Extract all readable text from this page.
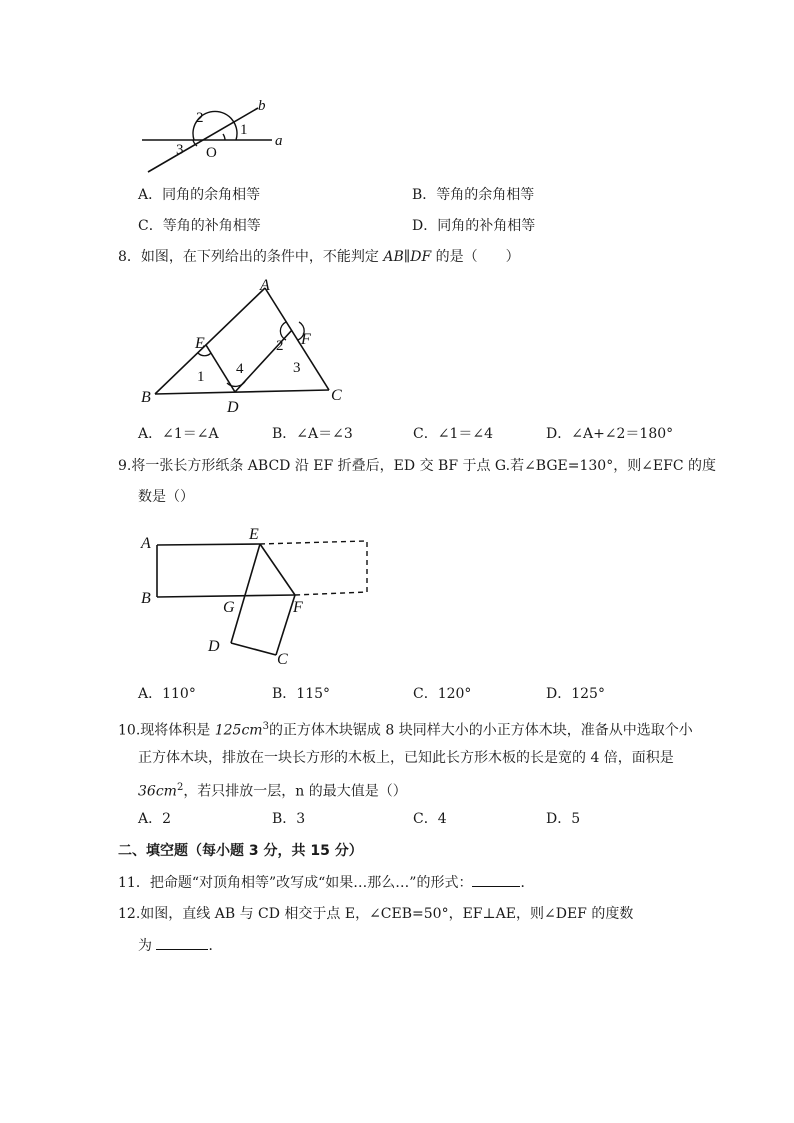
2
1
3 O
a
b
A．同角的余角相等	B．等角的余角相等
C．等角的补角相等	D．同角的补角相等
8．如图，在下列给出的条件中，不能判定 AB∥DF 的是（　　）
A
B	C
D
E	F
1
2
3
4
A．∠1＝∠A	B．∠A＝∠3	C．∠1＝∠4	D．∠A+∠2＝180°
9.将一张长方形纸条 ABCD 沿 EF 折叠后，ED 交 BF 于点 G.若∠BGE=130°，则∠EFC 的度
数是（）
A
B
E
G	F
D
C
A．110°	B．115°	C．120°	D．125°
10.现将体积是 $125cm^3$的正方体木块锯成 8 块同样大小的小正方体木块，准备从中选取个小
正方体木块，排放在一块长方形的木板上，已知此长方形木板的长是宽的 4 倍，面积是
$36cm^2$，若只排放一层，n 的最大值是（）
A．2	B．3	C．4	D．5
二、填空题（每小题 3 分，共 15 分）
11．把命题“对顶角相等”改写成“如果…那么…”的形式：	．
12.如图，直线 AB 与 CD 相交于点 E，∠CEB=50°，EF⊥AE，则∠DEF 的度数
为	．
